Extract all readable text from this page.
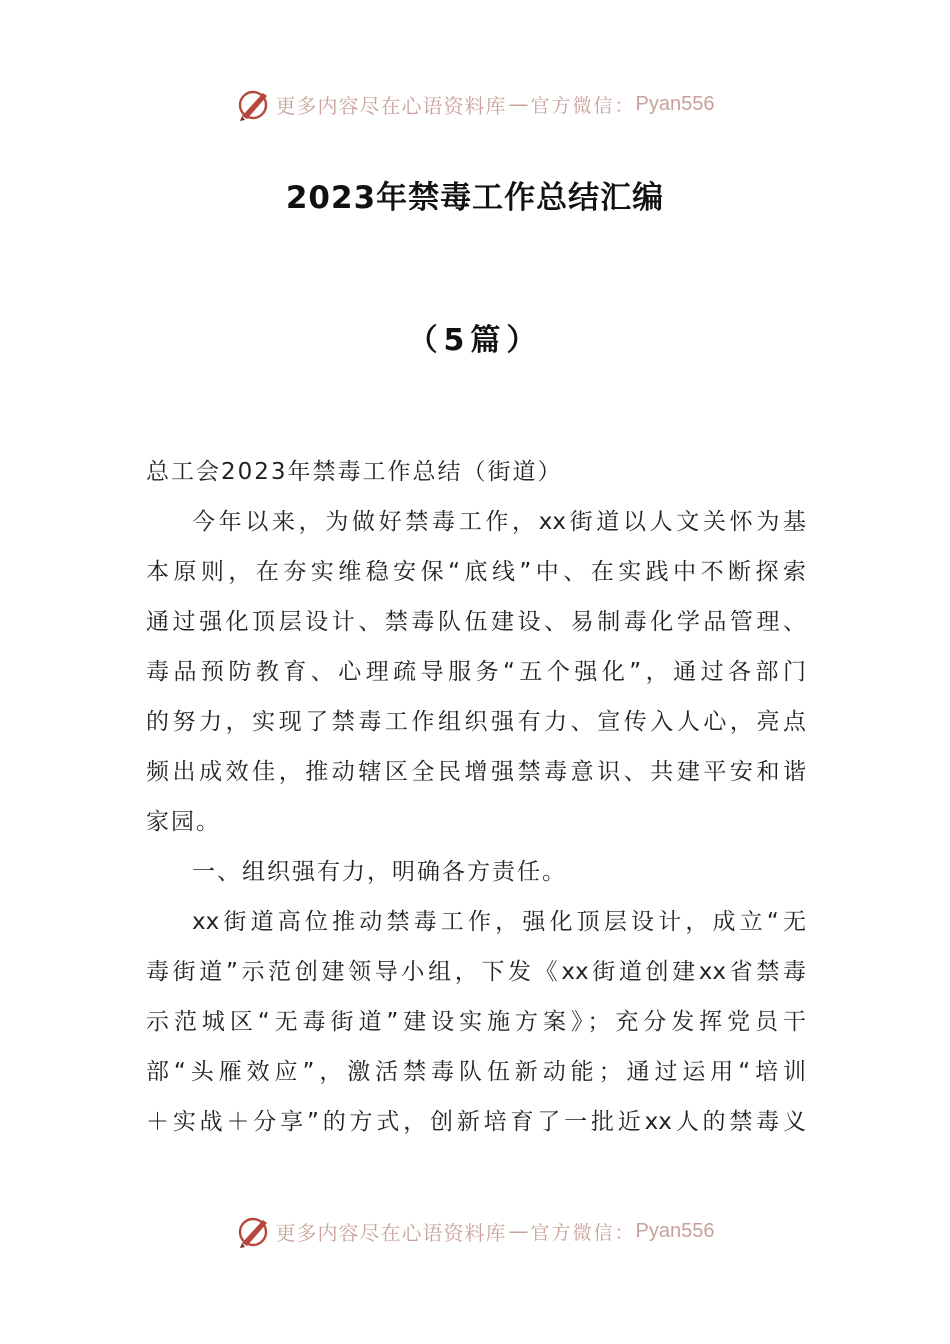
更多内容尽在心语资料库 — 官方微信： Pyan556
2023年禁毒工作总结汇编
（5篇）
总工会2023年禁毒工作总结（街道）
今年以来，为做好禁毒工作，xx街道以人文关怀为基
本原则，在夯实维稳安保“底线”中、在实践中不断探索
通过强化顶层设计、禁毒队伍建设、易制毒化学品管理、
毒品预防教育、心理疏导服务“五个强化”，通过各部门
的努力，实现了禁毒工作组织强有力、宣传入人心，亮点
频出成效佳，推动辖区全民增强禁毒意识、共建平安和谐
家园。
一、组织强有力，明确各方责任。
xx街道高位推动禁毒工作，强化顶层设计，成立“无
毒街道”示范创建领导小组，下发《xx街道创建xx省禁毒
示范城区“无毒街道”建设实施方案》；充分发挥党员干
部“头雁效应”，激活禁毒队伍新动能；通过运用“培训
＋实战＋分享”的方式，创新培育了一批近xx人的禁毒义
更多内容尽在心语资料库 — 官方微信： Pyan556
